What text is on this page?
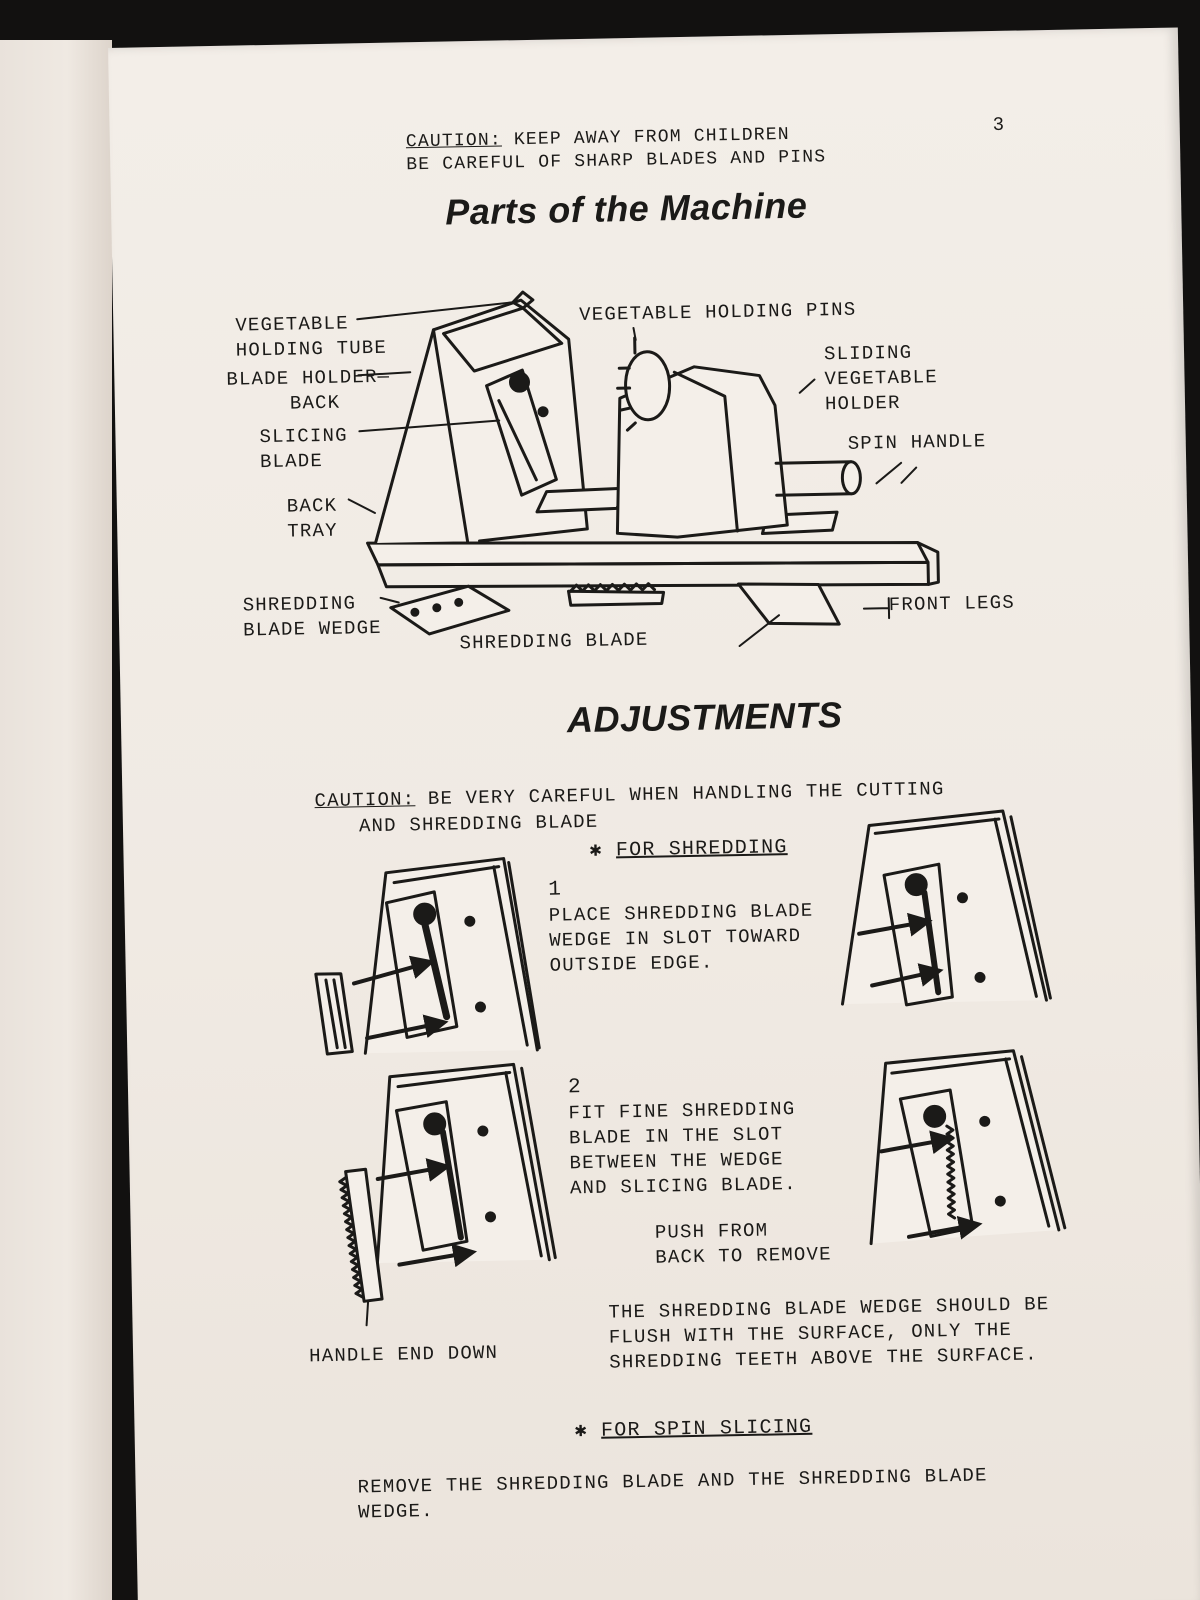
CAUTION: KEEP AWAY FROM CHILDREN
BE CAREFUL OF SHARP BLADES AND PINS
3
Parts of the Machine
VEGETABLE
HOLDING TUBE
BLADE HOLDER—
BACK
SLICING
BLADE
BACK
TRAY
SHREDDING
BLADE WEDGE	SHREDDING BLADE
VEGETABLE HOLDING PINS
SLIDING
VEGETABLE
HOLDER
SPIN HANDLE
FRONT LEGS
ADJUSTMENTS
CAUTION: BE VERY CAREFUL WHEN HANDLING THE CUTTING
AND SHREDDING BLADE
✱ FOR SHREDDING
1
PLACE SHREDDING BLADE
WEDGE IN SLOT TOWARD
OUTSIDE EDGE.
2
FIT FINE SHREDDING
BLADE IN THE SLOT
BETWEEN THE WEDGE
AND SLICING BLADE.
PUSH FROM
BACK TO REMOVE
HANDLE END DOWN
THE SHREDDING BLADE WEDGE SHOULD BE
FLUSH WITH THE SURFACE, ONLY THE
SHREDDING TEETH ABOVE THE SURFACE.
✱ FOR SPIN SLICING
REMOVE THE SHREDDING BLADE AND THE SHREDDING BLADE
WEDGE.
